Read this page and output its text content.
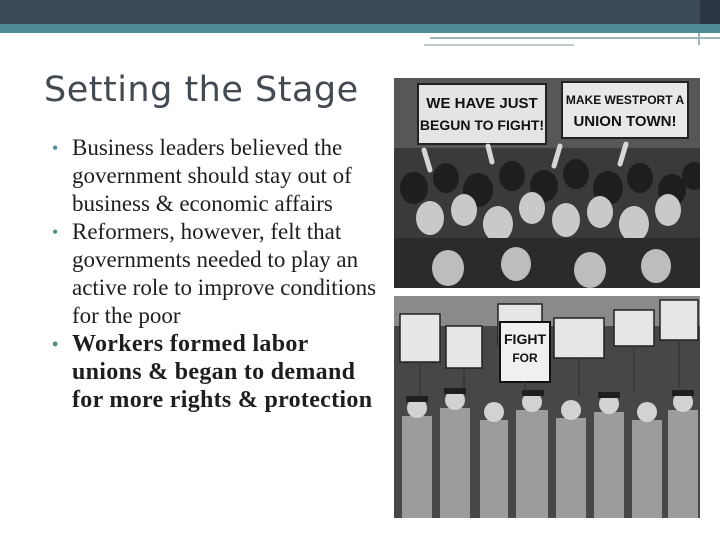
Setting the Stage
• Business leaders believed the government should stay out of business & economic affairs
• Reformers, however, felt that governments needed to play an active role to improve conditions for the poor
• Workers formed labor unions & began to demand for more rights & protection
WE HAVE JUST
BEGUN TO FIGHT!
MAKE WESTPORT A
UNION TOWN!
FIGHT
FOR
